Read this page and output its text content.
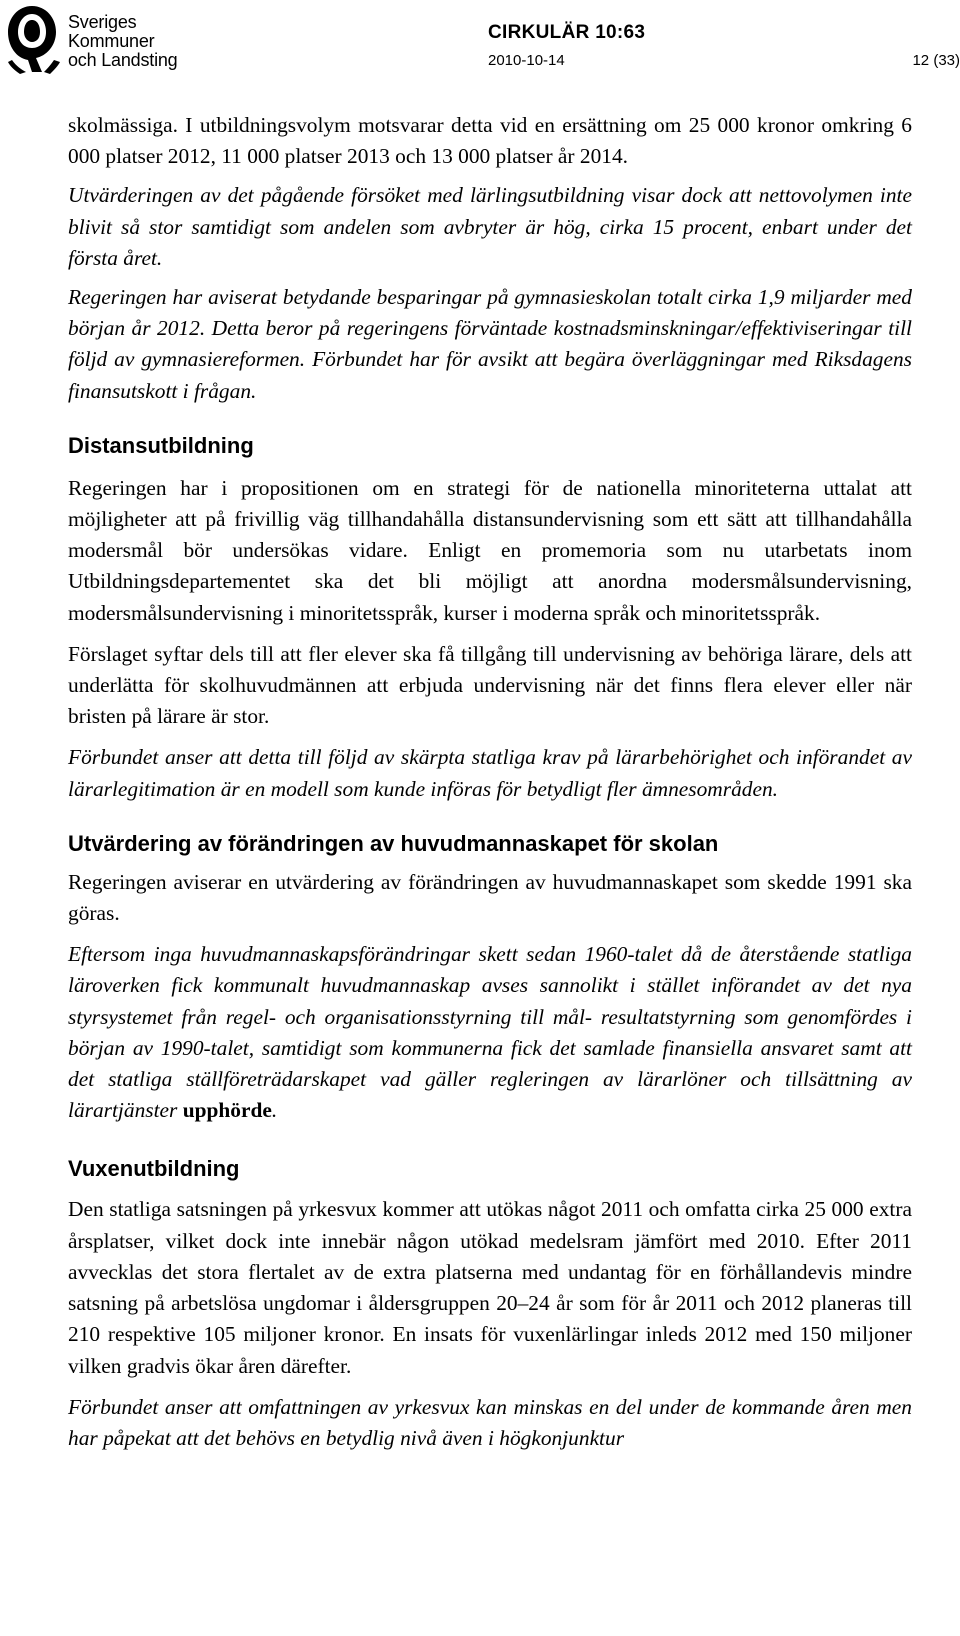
Sveriges
Kommuner
och Landsting
CIRKULÄR 10:63
2010-10-14	12 (33)

skolmässiga. I utbildningsvolym motsvarar detta vid en ersättning om 25 000 kronor omkring 6 000 platser 2012, 11 000 platser 2013 och 13 000 platser år 2014.

Utvärderingen av det pågående försöket med lärlingsutbildning visar dock att nettovolymen inte blivit så stor samtidigt som andelen som avbryter är hög, cirka 15 procent, enbart under det första året.

Regeringen har aviserat betydande besparingar på gymnasieskolan totalt cirka 1,9 miljarder med början år 2012. Detta beror på regeringens förväntade kostnadsminskningar/effektiviseringar till följd av gymnasiereformen. Förbundet har för avsikt att begära överläggningar med Riksdagens finansutskott i frågan.

Distansutbildning

Regeringen har i propositionen om en strategi för de nationella minoriteterna uttalat att möjligheter att på frivillig väg tillhandahålla distansundervisning som ett sätt att tillhandahålla modersmål bör undersökas vidare. Enligt en promemoria som nu utarbetats inom Utbildningsdepartementet ska det bli möjligt att anordna modersmålsundervisning, modersmålsundervisning i minoritetsspråk, kurser i moderna språk och minoritetsspråk.

Förslaget syftar dels till att fler elever ska få tillgång till undervisning av behöriga lärare, dels att underlätta för skolhuvudmännen att erbjuda undervisning när det finns flera elever eller när bristen på lärare är stor.

Förbundet anser att detta till följd av skärpta statliga krav på lärarbehörighet och införandet av lärarlegitimation är en modell som kunde införas för betydligt fler ämnesområden.

Utvärdering av förändringen av huvudmannaskapet för skolan

Regeringen aviserar en utvärdering av förändringen av huvudmannaskapet som skedde 1991 ska göras.

Eftersom inga huvudmannaskapsförändringar skett sedan 1960-talet då de återstående statliga läroverken fick kommunalt huvudmannaskap avses sannolikt i stället införandet av det nya styrsystemet från regel- och organisationsstyrning till mål- resultatstyrning som genomfördes i början av 1990-talet, samtidigt som kommunerna fick det samlade finansiella ansvaret samt att det statliga ställföreträdarskapet vad gäller regleringen av lärarlöner och tillsättning av lärartjänster upphörde.

Vuxenutbildning

Den statliga satsningen på yrkesvux kommer att utökas något 2011 och omfatta cirka 25 000 extra årsplatser, vilket dock inte innebär någon utökad medelsram jämfört med 2010. Efter 2011 avvecklas det stora flertalet av de extra platserna med undantag för en förhållandevis mindre satsning på arbetslösa ungdomar i åldersgruppen 20–24 år som för år 2011 och 2012 planeras till 210 respektive 105 miljoner kronor. En insats för vuxenlärlingar inleds 2012 med 150 miljoner vilken gradvis ökar åren därefter.

Förbundet anser att omfattningen av yrkesvux kan minskas en del under de kommande åren men har påpekat att det behövs en betydlig nivå även i högkonjunktur
